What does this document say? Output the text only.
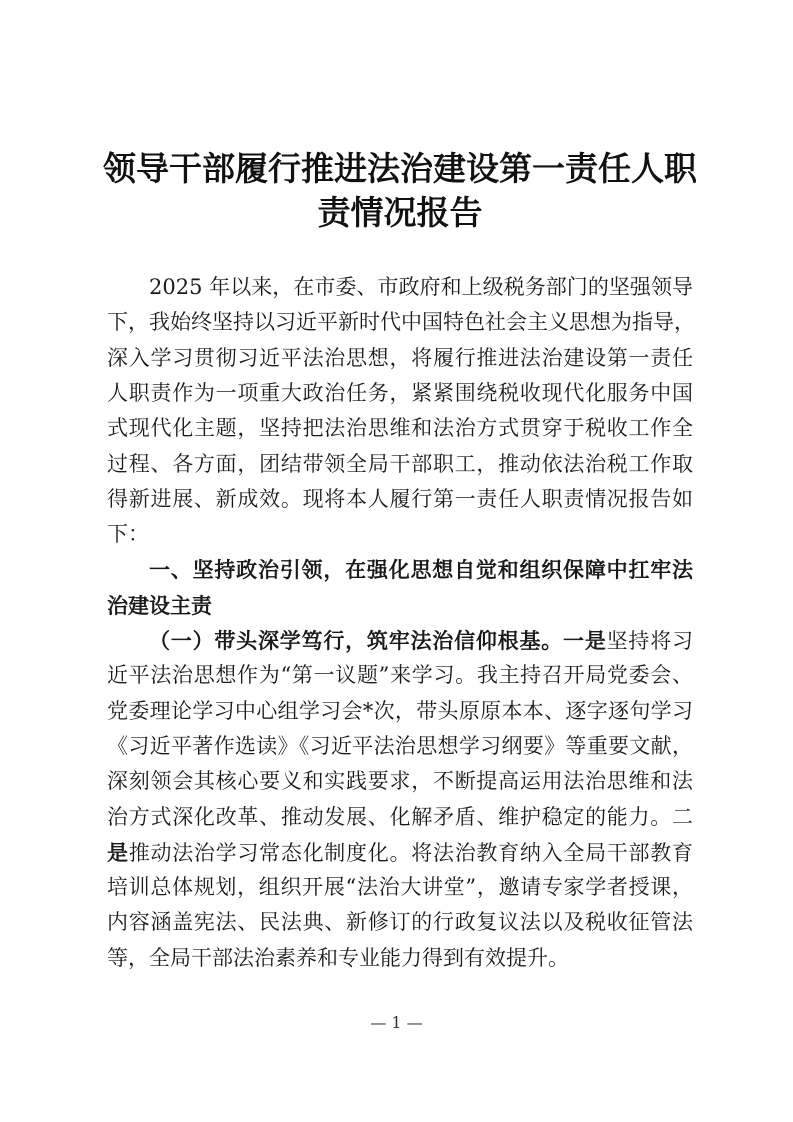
领导干部履行推进法治建设第一责任人职
责情况报告
2025 年以来，在市委、市政府和上级税务部门的坚强领导
下，我始终坚持以习近平新时代中国特色社会主义思想为指导，
深入学习贯彻习近平法治思想，将履行推进法治建设第一责任
人职责作为一项重大政治任务，紧紧围绕税收现代化服务中国
式现代化主题，坚持把法治思维和法治方式贯穿于税收工作全
过程、各方面，团结带领全局干部职工，推动依法治税工作取
得新进展、新成效。现将本人履行第一责任人职责情况报告如
下：
一、坚持政治引领，在强化思想自觉和组织保障中扛牢法
治建设主责
（一）带头深学笃行，筑牢法治信仰根基。一是坚持将习
近平法治思想作为“第一议题”来学习。我主持召开局党委会、
党委理论学习中心组学习会*次，带头原原本本、逐字逐句学习
《习近平著作选读》《习近平法治思想学习纲要》等重要文献，
深刻领会其核心要义和实践要求，不断提高运用法治思维和法
治方式深化改革、推动发展、化解矛盾、维护稳定的能力。二
是推动法治学习常态化制度化。将法治教育纳入全局干部教育
培训总体规划，组织开展“法治大讲堂”，邀请专家学者授课，
内容涵盖宪法、民法典、新修订的行政复议法以及税收征管法
等，全局干部法治素养和专业能力得到有效提升。
— 1 —
